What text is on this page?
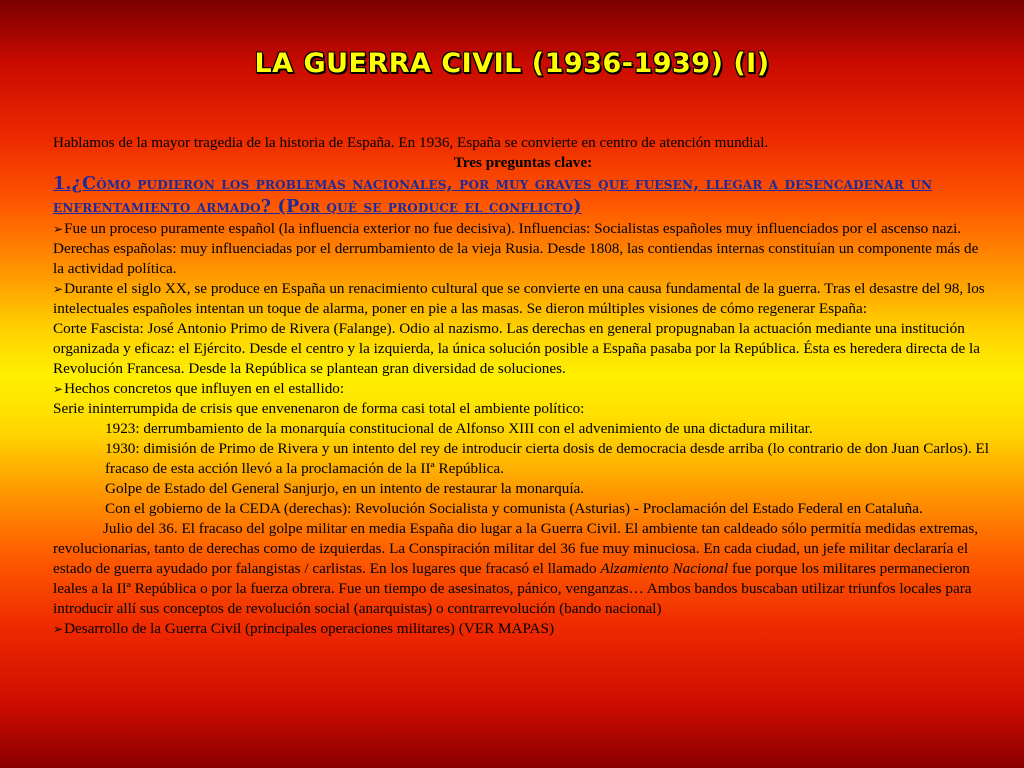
LA GUERRA CIVIL (1936-1939) (I)

Hablamos de la mayor tragedia de la historia de España. En 1936, España se convierte en centro de atención mundial.

Tres preguntas clave:

1.¿Cómo pudieron los problemas nacionales, por muy graves que fuesen, llegar a desencadenar un enfrentamiento armado? (Por qué se produce el conflicto)

➢ Fue un proceso puramente español (la influencia exterior no fue decisiva). Influencias: Socialistas españoles muy influenciados por el ascenso nazi. Derechas españolas: muy influenciadas por el derrumbamiento de la vieja Rusia. Desde 1808, las contiendas internas constituían un componente más de la actividad política.

➢ Durante el siglo XX, se produce en España un renacimiento cultural que se convierte en una causa fundamental de la guerra. Tras el desastre del 98, los intelectuales españoles intentan un toque de alarma, poner en pie a las masas. Se dieron múltiples visiones de cómo regenerar España:

Corte Fascista: José Antonio Primo de Rivera (Falange). Odio al nazismo. Las derechas en general propugnaban la actuación mediante una institución organizada y eficaz: el Ejército. Desde el centro y la izquierda, la única solución posible a España pasaba por la República. Ésta es heredera directa de la Revolución Francesa. Desde la República se plantean gran diversidad de soluciones.

➢ Hechos concretos que influyen en el estallido:

Serie ininterrumpida de crisis que envenenaron de forma casi total el ambiente político:

1923: derrumbamiento de la monarquía constitucional de Alfonso XIII con el advenimiento de una dictadura militar.

1930: dimisión de Primo de Rivera y un intento del rey de introducir cierta dosis de democracia desde arriba (lo contrario de don Juan Carlos). El fracaso de esta acción llevó a la proclamación de la IIª República.

Golpe de Estado del General Sanjurjo, en un intento de restaurar la monarquía.

Con el gobierno de la CEDA (derechas): Revolución Socialista y comunista (Asturias) - Proclamación del Estado Federal en Cataluña.

Julio del 36. El fracaso del golpe militar en media España dio lugar a la Guerra Civil. El ambiente tan caldeado sólo permitía medidas extremas, revolucionarias, tanto de derechas como de izquierdas. La Conspiración militar del 36 fue muy minuciosa. En cada ciudad, un jefe militar declararía el estado de guerra ayudado por falangistas / carlistas. En los lugares que fracasó el llamado Alzamiento Nacional fue porque los militares permanecieron leales a la IIª República o por la fuerza obrera. Fue un tiempo de asesinatos, pánico, venganzas… Ambos bandos buscaban utilizar triunfos locales para introducir allí sus conceptos de revolución social (anarquistas) o contrarrevolución (bando nacional)

➢ Desarrollo de la Guerra Civil (principales operaciones militares) (VER MAPAS)
